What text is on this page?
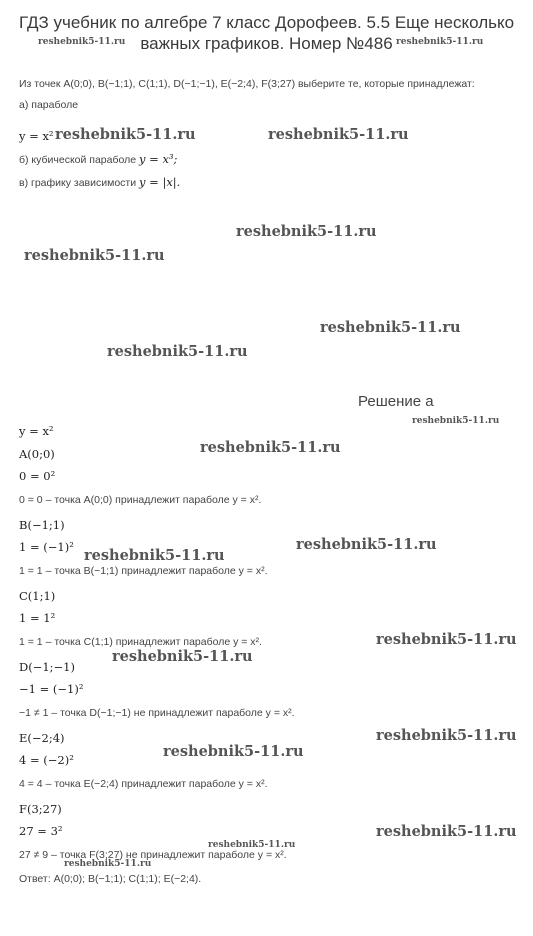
ГДЗ учебник по алгебре 7 класс Дорофеев. 5.5 Еще несколько
важных графиков. Номер №486
Из точек A(0;0), B(−1;1), C(1;1), D(−1;−1), E(−2;4), F(3;27) выберите те, которые принадлежат:
а) параболе
y = x²
б) кубической параболе y = x³;
в) графику зависимости y = |x|.
Решение а
y = x²
A(0;0)
0 = 0²
0 = 0 – точка A(0;0) принадлежит параболе y = x².
B(−1;1)
1 = (−1)²
1 = 1 – точка B(−1;1) принадлежит параболе y = x².
C(1;1)
1 = 1²
1 = 1 – точка C(1;1) принадлежит параболе y = x².
D(−1;−1)
−1 = (−1)²
−1 ≠ 1 – точка D(−1;−1) не принадлежит параболе y = x².
E(−2;4)
4 = (−2)²
4 = 4 – точка E(−2;4) принадлежит параболе y = x².
F(3;27)
27 = 3²
27 ≠ 9 – точка F(3;27) не принадлежит параболе y = x².
Ответ: A(0;0); B(−1;1); C(1;1); E(−2;4).
reshebnik5-11.ru	reshebnik5-11.ru
reshebnik5-11.ru	reshebnik5-11.ru
reshebnik5-11.ru
reshebnik5-11.ru
reshebnik5-11.ru
reshebnik5-11.ru
reshebnik5-11.ru
reshebnik5-11.ru
reshebnik5-11.ru
reshebnik5-11.ru
reshebnik5-11.ru
reshebnik5-11.ru
reshebnik5-11.ru
reshebnik5-11.ru
reshebnik5-11.ru
reshebnik5-11.ru
reshebnik5-11.ru
